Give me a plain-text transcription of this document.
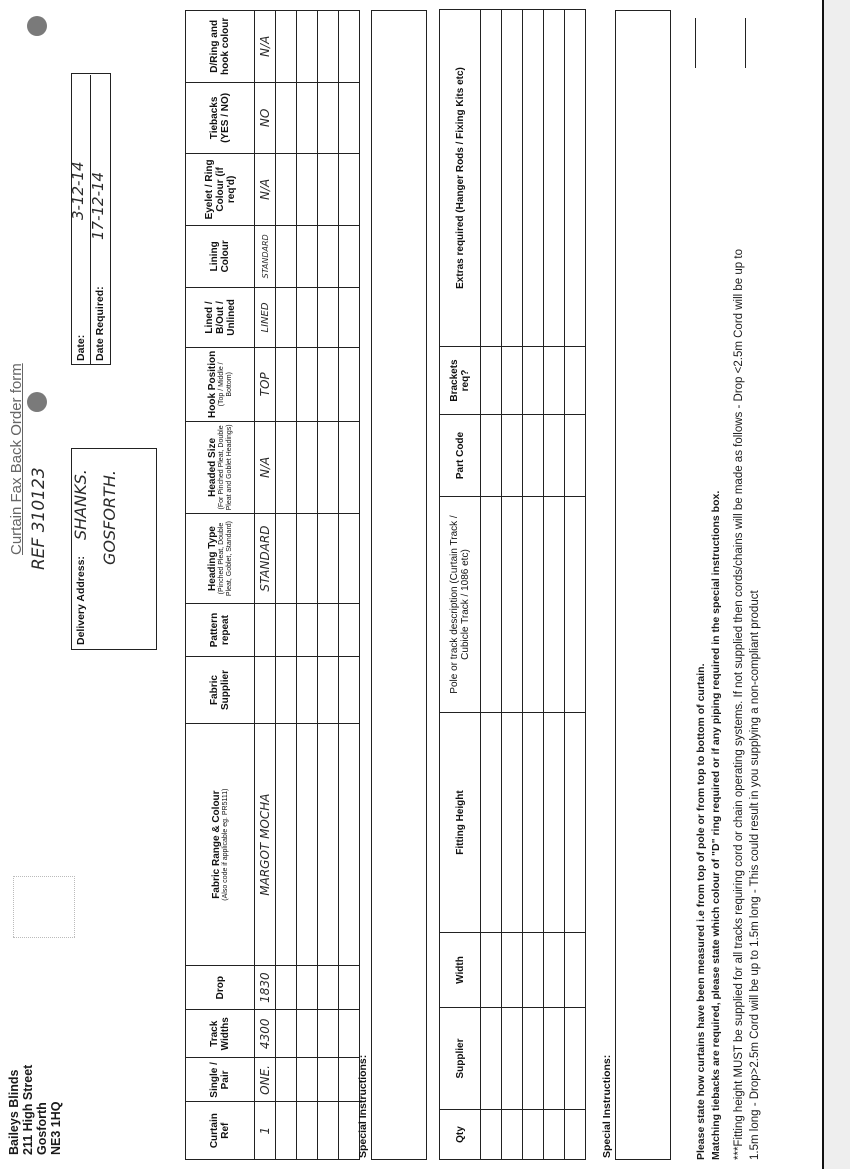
Baileys Blinds 211 High Street Gosforth NE3 1HQ
Curtain Fax Back Order form REF 310123
Delivery Address:
SHANKS. GOSFORTH.
Date:
3-12-14
Date Required:
17-12-14
Curtain Ref	Single / Pair	Track Widths	Drop	Fabric Range & Colour (Also code if applicable eg. PR5111)	Fabric Supplier	Pattern repeat	Heading Type (Pinched Pleat, Double Pleat, Goblet, Standard)	Headed Size (For Pinched Pleat, Double Pleat and Goblet Headings)	Hook Position (Top / Middle / Bottom)	Lined / B/Out / Unlined	Lining Colour	Eyelet / Ring Colour (if req'd)	Tiebacks (YES / NO)	D/Ring and hook colour
1	ONE.	4300	1830	MARGOT MOCHA			STANDARD	N/A	TOP	LINED	STANDARD	N/A	NO	N/A

Special Instructions:	Qty	Supplier	Width	Fitting Height	Pole or track description (Curtain Track / Cubicle Track / 1086 etc)	Part Code	Brackets req?	Extras required (Hanger Rods / Fixing Kits etc)

Special Instructions:	Please state how curtains have been measured i.e from top of pole or from top to bottom of curtain. Matching tiebacks are required, please state which colour of "D" ring required or if any piping required in the special instructions box. ***Fitting height MUST be supplied for all tracks requiring cord or chain operating systems. If not supplied then cords/chains will be made as follows - Drop <2.5m Cord will be up to 1.5m long - Drop>2.5m Cord will be up to 1.5m long - This could result in you supplying a non-compliant product
